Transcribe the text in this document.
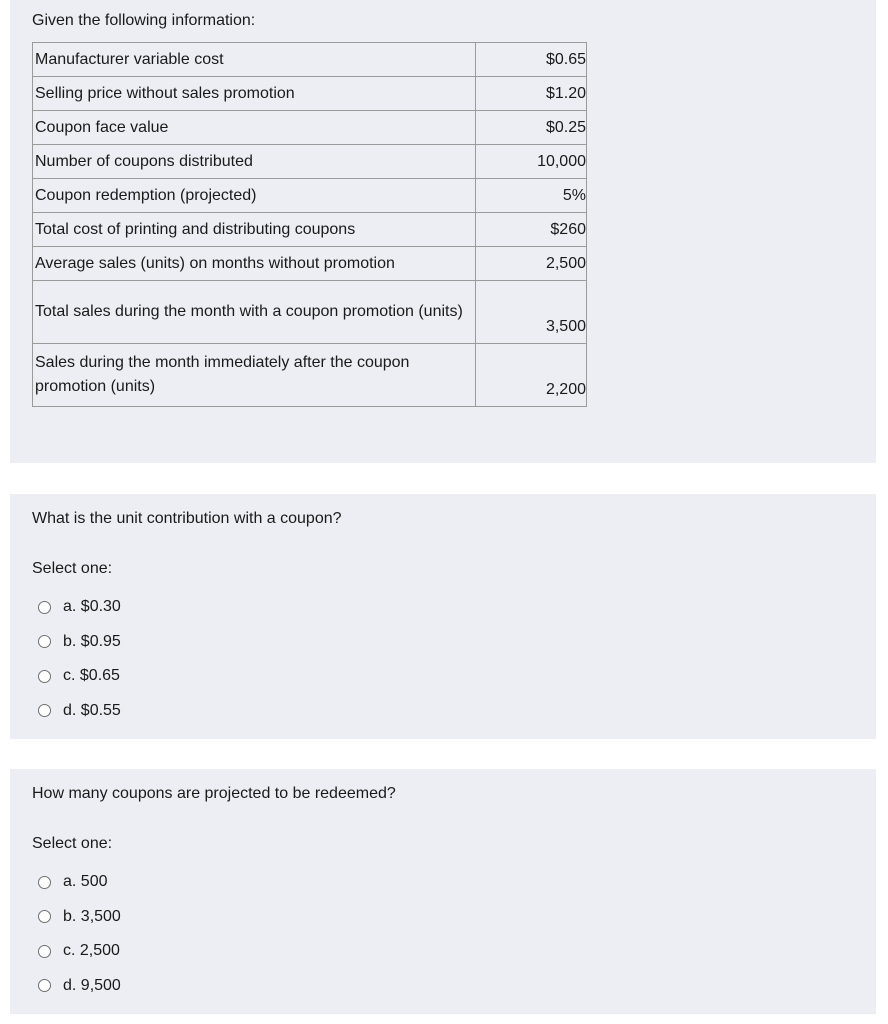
Given the following information:
Manufacturer variable cost	$0.65
Selling price without sales promotion	$1.20
Coupon face value	$0.25
Number of coupons distributed	10,000
Coupon redemption (projected)	5%
Total cost of printing and distributing coupons	$260
Average sales (units) on months without promotion	2,500
Total sales during the month with a coupon promotion (units)	3,500
Sales during the month immediately after the coupon promotion (units)	2,200
What is the unit contribution with a coupon?
Select one:
a. $0.30
b. $0.95
c. $0.65
d. $0.55
How many coupons are projected to be redeemed?
Select one:
a. 500
b. 3,500
c. 2,500
d. 9,500
